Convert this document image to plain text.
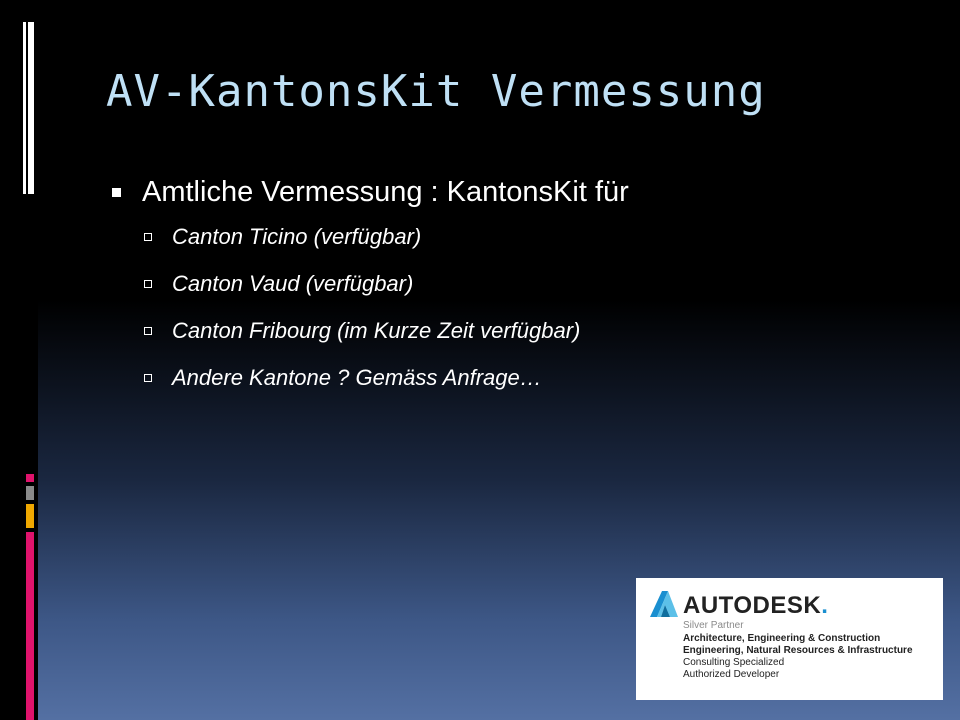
AV-KantonsKit Vermessung
Amtliche Vermessung : KantonsKit für
Canton Ticino (verfügbar)
Canton Vaud (verfügbar)
Canton Fribourg (im Kurze Zeit verfügbar)
Andere Kantone ? Gemäss Anfrage…
AUTODESK.
Silver Partner
Architecture, Engineering & Construction
Engineering, Natural Resources & Infrastructure
Consulting Specialized
Authorized Developer
